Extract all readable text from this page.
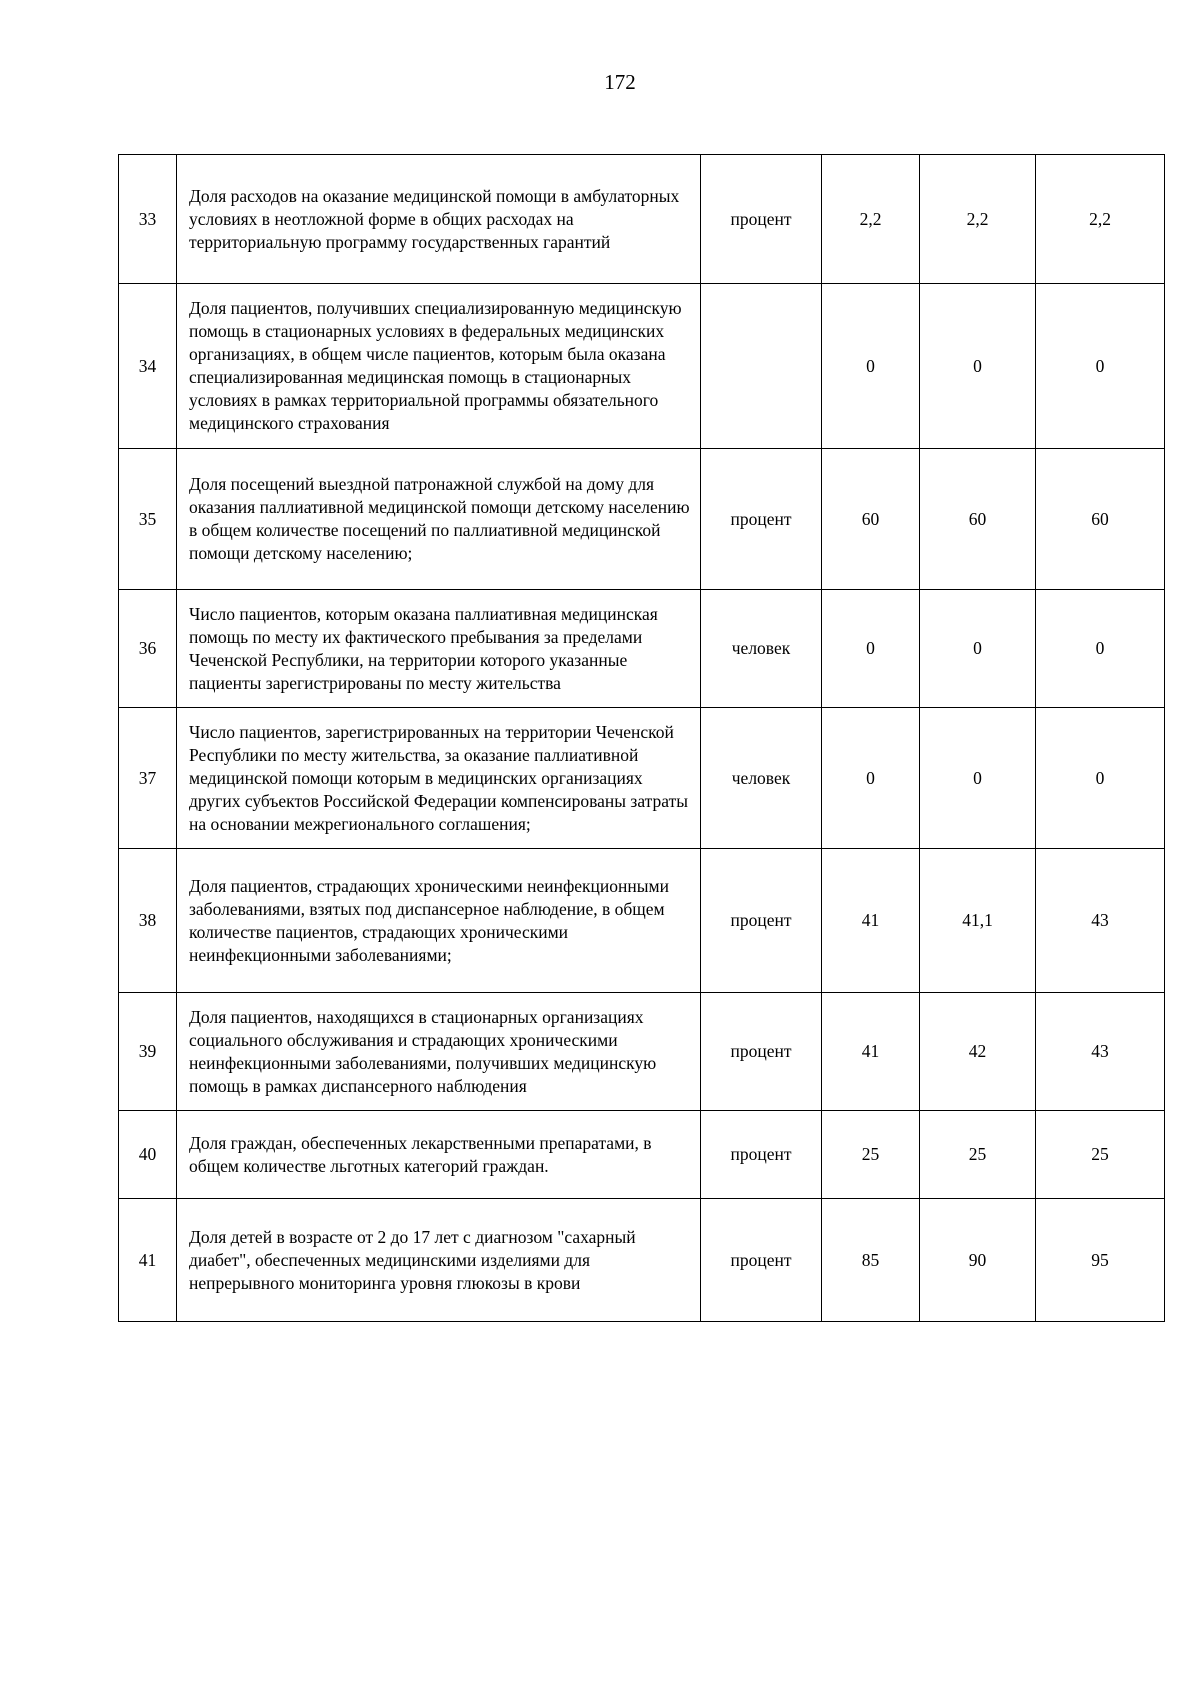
172
33	Доля расходов на оказание медицинской помощи в амбулаторных условиях в неотложной форме в общих расходах на территориальную программу государственных гарантий	процент	2,2	2,2	2,2
34	Доля пациентов, получивших специализированную медицинскую помощь в стационарных условиях в федеральных медицинских организациях, в общем числе пациентов, которым была оказана специализированная медицинская помощь в стационарных условиях в рамках территориальной программы обязательного медицинского страхования		0	0	0
35	Доля посещений выездной патронажной службой на дому для оказания паллиативной медицинской помощи детскому населению в общем количестве посещений по паллиативной медицинской помощи детскому населению;	процент	60	60	60
36	Число пациентов, которым оказана паллиативная медицинская помощь по месту их фактического пребывания за пределами Чеченской Республики, на территории которого указанные пациенты зарегистрированы по месту жительства	человек	0	0	0
37	Число пациентов, зарегистрированных на территории Чеченской Республики по месту жительства, за оказание паллиативной медицинской помощи которым в медицинских организациях других субъектов Российской Федерации компенсированы затраты на основании межрегионального соглашения;	человек	0	0	0
38	Доля пациентов, страдающих хроническими неинфекционными заболеваниями, взятых под диспансерное наблюдение, в общем количестве пациентов, страдающих хроническими неинфекционными заболеваниями;	процент	41	41,1	43
39	Доля пациентов, находящихся в стационарных организациях социального обслуживания и страдающих хроническими неинфекционными заболеваниями, получивших медицинскую помощь в рамках диспансерного наблюдения	процент	41	42	43
40	Доля граждан, обеспеченных лекарственными препаратами, в общем количестве льготных категорий граждан.	процент	25	25	25
41	Доля детей в возрасте от 2 до 17 лет с диагнозом "сахарный диабет", обеспеченных медицинскими изделиями для непрерывного мониторинга уровня глюкозы в крови	процент	85	90	95
